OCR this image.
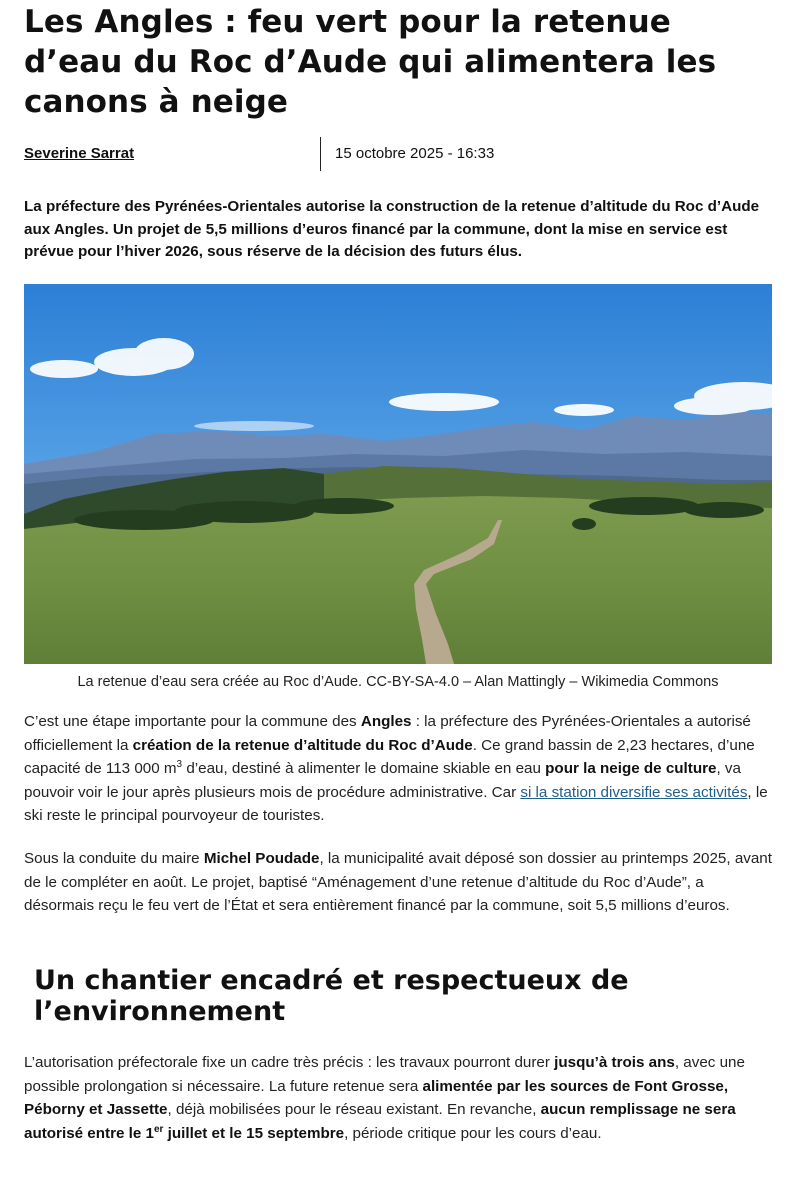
Les Angles : feu vert pour la retenue d’eau du Roc d’Aude qui alimentera les canons à neige
Severine Sarrat	15 octobre 2025 - 16:33

La préfecture des Pyrénées-Orientales autorise la construction de la retenue d’altitude du Roc d’Aude aux Angles. Un projet de 5,5 millions d’euros financé par la commune, dont la mise en service est prévue pour l’hiver 2026, sous réserve de la décision des futurs élus.

La retenue d’eau sera créée au Roc d’Aude. CC-BY-SA-4.0 – Alan Mattingly – Wikimedia Commons

C’est une étape importante pour la commune des Angles : la préfecture des Pyrénées-Orientales a autorisé officiellement la création de la retenue d’altitude du Roc d’Aude. Ce grand bassin de 2,23 hectares, d’une capacité de 113 000 $m^3$ d’eau, destiné à alimenter le domaine skiable en eau pour la neige de culture, va pouvoir voir le jour après plusieurs mois de procédure administrative. Car si la station diversifie ses activités, le ski reste le principal pourvoyeur de touristes.

Sous la conduite du maire Michel Poudade, la municipalité avait déposé son dossier au printemps 2025, avant de le compléter en août. Le projet, baptisé “Aménagement d’une retenue d’altitude du Roc d’Aude”, a désormais reçu le feu vert de l’État et sera entièrement financé par la commune, soit 5,5 millions d’euros.

Un chantier encadré et respectueux de l’environnement

L’autorisation préfectorale fixe un cadre très précis : les travaux pourront durer jusqu’à trois ans, avec une possible prolongation si nécessaire. La future retenue sera alimentée par les sources de Font Grosse, Péborny et Jassette, déjà mobilisées pour le réseau existant. En revanche, aucun remplissage ne sera autorisé entre le 1er juillet et le 15 septembre, période critique pour les cours d’eau.
